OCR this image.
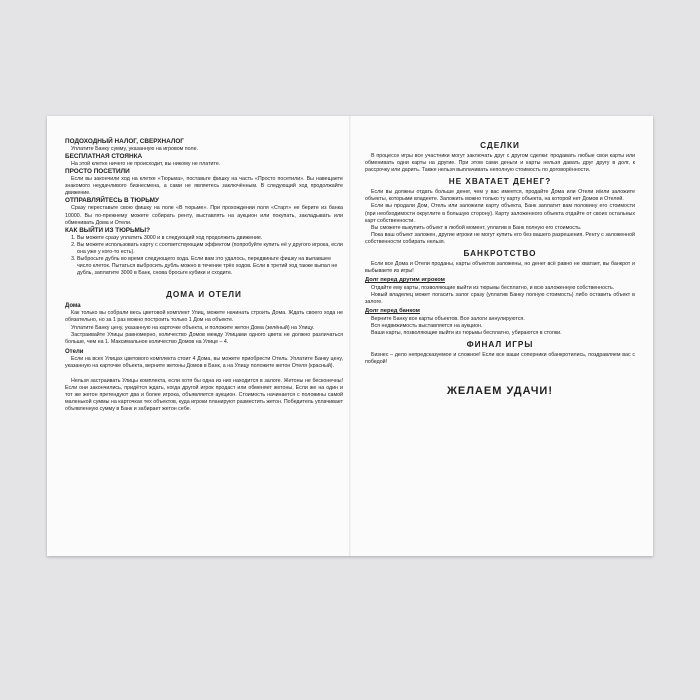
ПОДОХОДНЫЙ НАЛОГ, СВЕРХНАЛОГ

Уплатите Банку сумму, указанную на игровом поле.

БЕСПЛАТНАЯ СТОЯНКА

На этой клетке ничего не происходит, вы никому не платите.

ПРОСТО ПОСЕТИЛИ

Если вы закончили ход на клетке «Тюрьма», поставьте фишку на часть «Просто посетили». Вы навещаете знакомого неудачливого бизнесмена, а сами не являетесь заключённым. В следующий ход продолжайте движение.

ОТПРАВЛЯЙТЕСЬ В ТЮРЬМУ

Сразу переставьте свою фишку на поле «В тюрьме». При прохождении поля «Старт» не берите из банка 10000. Вы по-прежнему можете собирать ренту, выставлять на аукцион или покупать, закладывать или обменивать Дома и Отели.

КАК ВЫЙТИ ИЗ ТЮРЬМЫ?

1. Вы можете сразу уплатить 3000 и в следующий ход продолжить движение.
2. Вы можете использовать карту с соответствующим эффектом (попробуйте купить её у другого игрока, если она уже у кого-то есть).
3. Выбросьте дубль во время следующего хода. Если вам это удалось, передвиньте фишку на выпавшее число клеток. Пытаться выбросить дубль можно в течение трёх ходов. Если в третий ход также выпал не дубль, заплатите 3000 в Банк, снова бросьте кубики и сходите.
ДОМА И ОТЕЛИ

Дома

Как только вы собрали весь цветовой комплект Улиц, можете начинать строить Дома. Ждать своего хода не обязательно, но за 1 раз можно построить только 1 Дом на объекте.

Уплатите Банку цену, указанную на карточке объекта, и положите жетон Дома (зелёный) на Улицу.

Застраивайте Улицы равномерно, количество Домов между Улицами одного цвета не должно различаться больше, чем на 1. Максимальное количество Домов на Улице – 4.

Отели

Если на всех Улицах цветового комплекта стоит 4 Дома, вы можете приобрести Отель. Уплатите Банку цену, указанную на карточке объекта, верните жетоны Домов в Банк, а на Улицу положите жетон Отеля (красный).

Нельзя застраивать Улицы комплекта, если хотя бы одна из них находится в залоге. Жетоны не бесконечны! Если они закончились, придётся ждать, когда другой игрок продаст или обменяет жетоны. Если же на один и тот же жетон претендуют два и более игрока, объявляется аукцион. Стоимость начинается с половины самой маленькой суммы на карточках тех объектов, куда игроки планируют разместить жетон. Победитель уплачивает объявленную сумму в Банк и забирает жетон себе.

СДЕЛКИ

В процессе игры все участники могут заключать друг с другом сделки: продавать любые свои карты или обменивать одни карты на другие. При этом сами деньги и карты нельзя давать друг другу в долг, к рассрочку или дарить. Также нельзя выплачивать неполную стоимость по договорённости.

НЕ ХВАТАЕТ ДЕНЕГ?

Если вы должны отдать больше денег, чем у вас имеется, продайте Дома или Отели и/или заложите объекты, которыми владеете. Заложить можно только ту карту объекта, на которой нет Домов и Отелей.

Если вы продали Дом, Отель или заложили карту объекта, Банк заплатит вам половину его стоимости (при необходимости округлите в большую сторону). Карту заложенного объекта отдайте от своих остальных карт собственности.

Вы сможете выкупить объект в любой момент, уплатив в Банк полную его стоимость.

Пока ваш объект заложен, другие игроки не могут купить его без вашего разрешения. Ренту с заложенной собственности собирать нельзя.

БАНКРОТСТВО

Если все Дома и Отели проданы, карты объектов заложены, но денег всё равно не хватает, вы банкрот и выбываете из игры!

Долг перед другим игроком

Отдайте ему карты, позволяющие выйти из тюрьмы бесплатно, и всю заложенную собственность.

Новый владелец может погасить залог сразу (уплатив Банку полную стоимость) либо оставить объект в залоге.

Долг перед банком

Верните Банку все карты объектов. Все залоги аннулируются.

Вся недвижимость выставляется на аукцион.

Ваши карты, позволяющие выйти из тюрьмы бесплатно, убираются в стопки.

ФИНАЛ ИГРЫ

Бизнес – дело непредсказуемое и сложное! Если все ваши соперники обанкротились, поздравляем вас с победой!

ЖЕЛАЕМ УДАЧИ!
